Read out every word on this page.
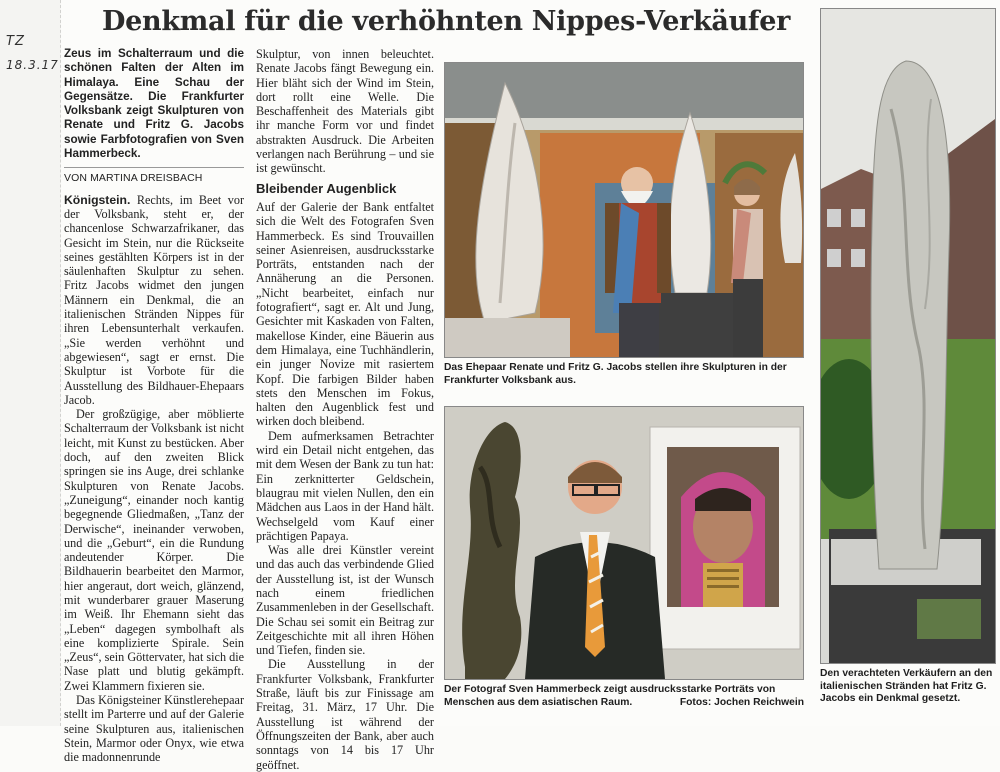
TZ
18.3.17
Denkmal für die verhöhnten Nippes-Verkäufer
Zeus im Schalterraum und die schönen Falten der Alten im Himalaya. Eine Schau der Gegensätze. Die Frankfurter Volksbank zeigt Skulpturen von Renate und Fritz G. Jacobs sowie Farbfotografien von Sven Hammerbeck.
VON MARTINA DREISBACH

Königstein. Rechts, im Beet vor der Volksbank, steht er, der chancenlose Schwarzafrikaner, das Gesicht im Stein, nur die Rückseite seines gestählten Körpers ist in der säulenhaften Skulptur zu sehen. Fritz Jacobs widmet den jungen Männern ein Denkmal, die an italienischen Stränden Nippes für ihren Lebensunterhalt verkaufen. „Sie werden verhöhnt und abgewiesen“, sagt er ernst. Die Skulptur ist Vorbote für die Ausstellung des Bildhauer-Ehepaars Jacob.

Der großzügige, aber möblierte Schalterraum der Volksbank ist nicht leicht, mit Kunst zu bestücken. Aber doch, auf den zweiten Blick springen sie ins Auge, drei schlanke Skulpturen von Renate Jacobs. „Zuneigung“, einander noch kantig begegnende Gliedmaßen, „Tanz der Derwische“, ineinander verwoben, und die „Geburt“, ein die Rundung andeutender Körper. Die Bildhauerin bearbeitet den Marmor, hier angeraut, dort weich, glänzend, mit wunderbarer grauer Maserung im Weiß. Ihr Ehemann sieht das „Leben“ dagegen symbolhaft als eine komplizierte Spirale. Sein „Zeus“, sein Göttervater, hat sich die Nase platt und blutig gekämpft. Zwei Klammern fixieren sie.

Das Königsteiner Künstlerehepaar stellt im Parterre und auf der Galerie seine Skulpturen aus, italienischen Stein, Marmor oder Onyx, wie etwa die madonnenrunde

Skulptur, von innen beleuchtet. Renate Jacobs fängt Bewegung ein. Hier bläht sich der Wind im Stein, dort rollt eine Welle. Die Beschaffenheit des Materials gibt ihr manche Form vor und findet abstrakten Ausdruck. Die Arbeiten verlangen nach Berührung – und sie ist gewünscht.

Bleibender Augenblick

Auf der Galerie der Bank entfaltet sich die Welt des Fotografen Sven Hammerbeck. Es sind Trouvaillen seiner Asienreisen, ausdrucksstarke Porträts, entstanden nach der Annäherung an die Personen. „Nicht bearbeitet, einfach nur fotografiert“, sagt er. Alt und Jung, Gesichter mit Kaskaden von Falten, makellose Kinder, eine Bäuerin aus dem Himalaya, eine Tuchhändlerin, ein junger Novize mit rasiertem Kopf. Die farbigen Bilder haben stets den Menschen im Fokus, halten den Augenblick fest und wirken doch bleibend.

Dem aufmerksamen Betrachter wird ein Detail nicht entgehen, das mit dem Wesen der Bank zu tun hat: Ein zerknitterter Geldschein, blaugrau mit vielen Nullen, den ein Mädchen aus Laos in der Hand hält. Wechselgeld vom Kauf einer prächtigen Papaya.

Was alle drei Künstler vereint und das auch das verbindende Glied der Ausstellung ist, ist der Wunsch nach einem friedlichen Zusammenleben in der Gesellschaft. Die Schau sei somit ein Beitrag zur Zeitgeschichte mit all ihren Höhen und Tiefen, finden sie.

Die Ausstellung in der Frankfurter Volksbank, Frankfurter Straße, läuft bis zur Finissage am Freitag, 31. März, 17 Uhr. Die Ausstellung ist während der Öffnungszeiten der Bank, aber auch sonntags von 14 bis 17 Uhr geöffnet.

Das Ehepaar Renate und Fritz G. Jacobs stellen ihre Skulpturen in der Frankfurter Volksbank aus.
Der Fotograf Sven Hammerbeck zeigt ausdrucksstarke Porträts von Menschen aus dem asiatischen Raum.	Fotos: Jochen Reichwein
Den verachteten Verkäufern an den italienischen Stränden hat Fritz G. Jacobs ein Denkmal gesetzt.
